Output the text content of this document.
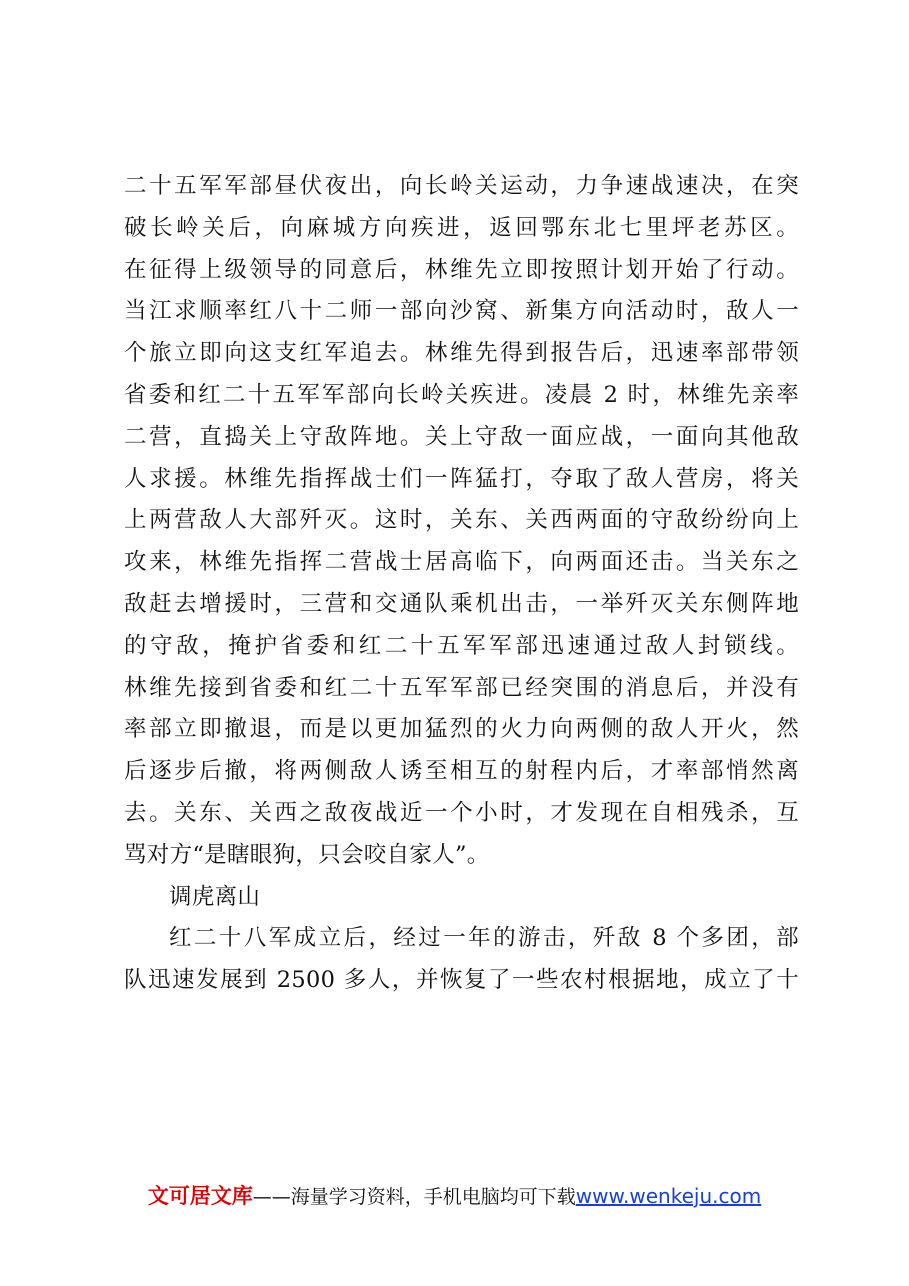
二十五军军部昼伏夜出，向长岭关运动，力争速战速决，在突
破长岭关后，向麻城方向疾进，返回鄂东北七里坪老苏区。
在征得上级领导的同意后，林维先立即按照计划开始了行动。
当江求顺率红八十二师一部向沙窝、新集方向活动时，敌人一
个旅立即向这支红军追去。林维先得到报告后，迅速率部带领
省委和红二十五军军部向长岭关疾进。凌晨 2 时，林维先亲率
二营，直捣关上守敌阵地。关上守敌一面应战，一面向其他敌
人求援。林维先指挥战士们一阵猛打，夺取了敌人营房，将关
上两营敌人大部歼灭。这时，关东、关西两面的守敌纷纷向上
攻来，林维先指挥二营战士居高临下，向两面还击。当关东之
敌赶去增援时，三营和交通队乘机出击，一举歼灭关东侧阵地
的守敌，掩护省委和红二十五军军部迅速通过敌人封锁线。
林维先接到省委和红二十五军军部已经突围的消息后，并没有
率部立即撤退，而是以更加猛烈的火力向两侧的敌人开火，然
后逐步后撤，将两侧敌人诱至相互的射程内后，才率部悄然离
去。关东、关西之敌夜战近一个小时，才发现在自相残杀，互
骂对方“是瞎眼狗，只会咬自家人”。
调虎离山
红二十八军成立后，经过一年的游击，歼敌 8 个多团，部
队迅速发展到 2500 多人，并恢复了一些农村根据地，成立了十
文可居文库——海量学习资料，手机电脑均可下载www.wenkeju.com
